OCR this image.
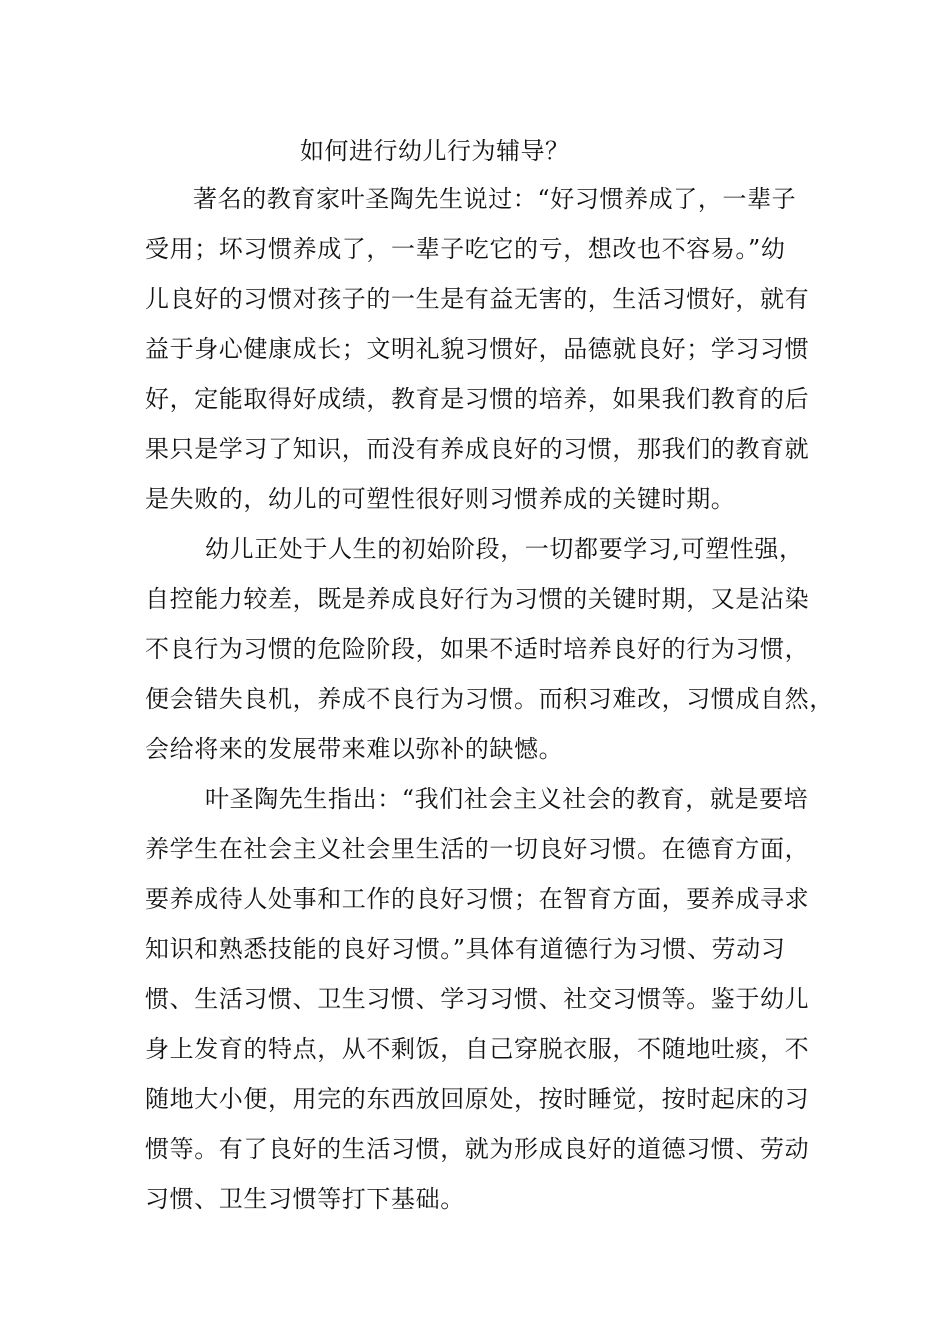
如何进行幼儿行为辅导？
著名的教育家叶圣陶先生说过：“好习惯养成了，一辈子
受用；坏习惯养成了，一辈子吃它的亏，想改也不容易。”幼
儿良好的习惯对孩子的一生是有益无害的，生活习惯好，就有
益于身心健康成长；文明礼貌习惯好，品德就良好；学习习惯
好，定能取得好成绩，教育是习惯的培养，如果我们教育的后
果只是学习了知识，而没有养成良好的习惯，那我们的教育就
是失败的，幼儿的可塑性很好则习惯养成的关键时期。
幼儿正处于人生的初始阶段，一切都要学习,可塑性强，
自控能力较差，既是养成良好行为习惯的关键时期，又是沾染
不良行为习惯的危险阶段，如果不适时培养良好的行为习惯，
便会错失良机，养成不良行为习惯。而积习难改，习惯成自然，
会给将来的发展带来难以弥补的缺憾。
叶圣陶先生指出：“我们社会主义社会的教育，就是要培
养学生在社会主义社会里生活的一切良好习惯。在德育方面，
要养成待人处事和工作的良好习惯；在智育方面，要养成寻求
知识和熟悉技能的良好习惯。”具体有道德行为习惯、劳动习
惯、生活习惯、卫生习惯、学习习惯、社交习惯等。鉴于幼儿
身上发育的特点，从不剩饭，自己穿脱衣服，不随地吐痰，不
随地大小便，用完的东西放回原处，按时睡觉，按时起床的习
惯等。有了良好的生活习惯，就为形成良好的道德习惯、劳动
习惯、卫生习惯等打下基础。
